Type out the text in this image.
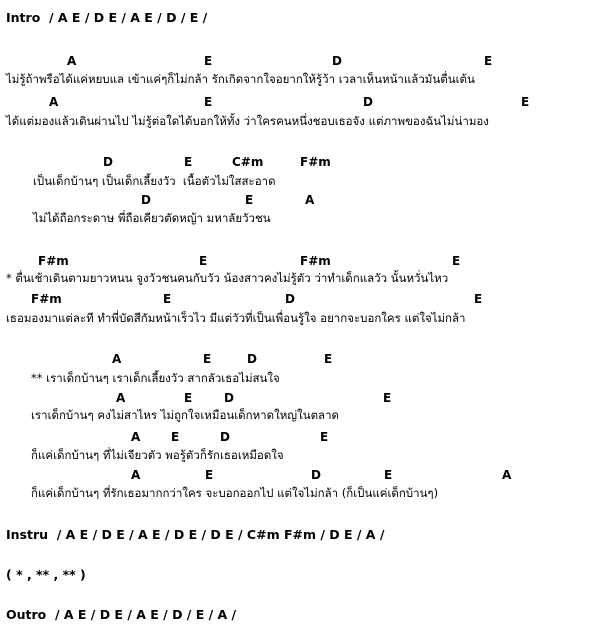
Intro  / A E / D E / A E / D / E /
A	E	D	E
ไม่รู้ถ้าพรือได้แค่หยบแล เข้าแค่ๆก็ไม่กล้า รักเกิดจากใจอยากให้รู้ว้า เวลาเห็นหน้าแล้วมันตื่นเต้น
A	E	D	E
ได้แต่มองแล้วเดินผ่านไป ไม่รู้ต่อใดได้บอกให้ทั้ง ว่าใครคนหนึ่งชอบเธอจัง แต่ภาพของฉันไม่น่ามอง
D	E	C#m	F#m
เป็นเด็กบ้านๆ เป็นเด็กเลี้ยงวัว  เนื้อตัวไม่ใสสะอาด
D	E	A
ไม่ได้ถือกระดาษ พี่ถือเคียวตัดหญ้า มหาลัยวัวชน
F#m	E	F#m	E
* ตื่นเช้าเดินตามยาวหนน จูงวัวชนคนกับวัว น้องสาวคงไม่รู้ตัว ว่าทำเด็กแลวัว นั้นหวั่นไหว
F#m	E	D	E
เธอมองมาแต่ละที ทำพี่บัดสีกัมหน้าเร็วไว มีแต่วัวที่เป็นเพื่อนรู้ใจ อยากจะบอกใคร แต่ใจไม่กล้า
A	E	D	E
** เราเด็กบ้านๆ เราเด็กเลี้ยงวัว สากลัวเธอไม่สนใจ
A	E	D	E
เราเด็กบ้านๆ คงไม่สาไหร ไม่ถูกใจเหมือนเด็กหาดใหญ่ในตลาด
A	E	D	E
ก็แค่เด็กบ้านๆ ที่ไม่เจียวตัว พอรู้ตัวก็รักเธอเหมือดใจ
A	E	D	E	A
ก็แค่เด็กบ้านๆ ที่รักเธอมากกว่าใคร จะบอกออกไป แต่ใจไม่กล้า (ก็เป็นแค่เด็กบ้านๆ)
Instru  / A E / D E / A E / D E / D E / C#m F#m / D E / A /
( * , ** , ** )
Outro  / A E / D E / A E / D / E / A /
